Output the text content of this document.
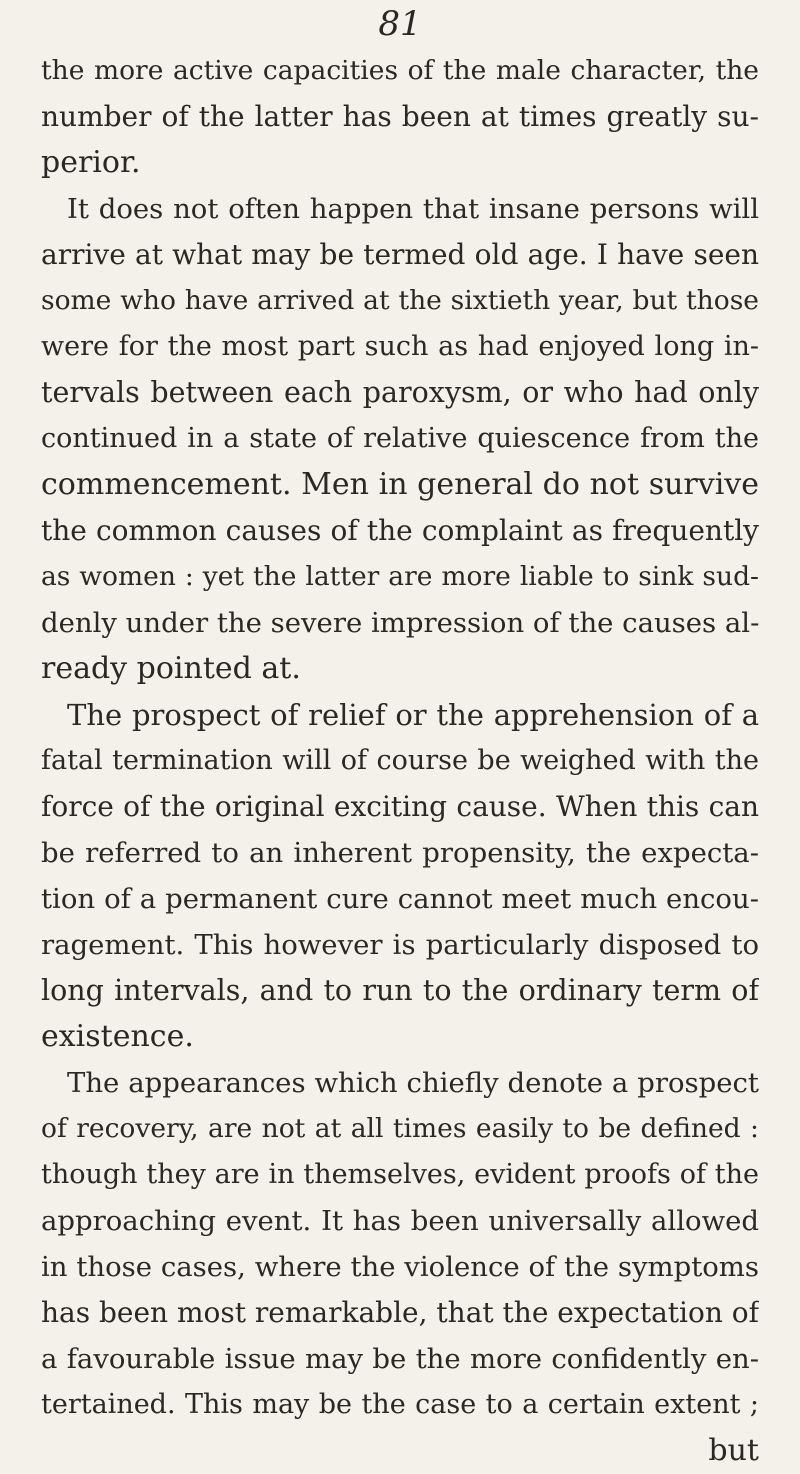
81
the more active capacities of the male character, the
number of the latter has been at times greatly su-
perior.
It does not often happen that insane persons will
arrive at what may be termed old age. I have seen
some who have arrived at the sixtieth year, but those
were for the most part such as had enjoyed long in-
tervals between each paroxysm, or who had only
continued in a state of relative quiescence from the
commencement. Men in general do not survive
the common causes of the complaint as frequently
as women : yet the latter are more liable to sink sud-
denly under the severe impression of the causes al-
ready pointed at.
The prospect of relief or the apprehension of a
fatal termination will of course be weighed with the
force of the original exciting cause. When this can
be referred to an inherent propensity, the expecta-
tion of a permanent cure cannot meet much encou-
ragement. This however is particularly disposed to
long intervals, and to run to the ordinary term of
existence.
The appearances which chiefly denote a prospect
of recovery, are not at all times easily to be defined :
though they are in themselves, evident proofs of the
approaching event. It has been universally allowed
in those cases, where the violence of the symptoms
has been most remarkable, that the expectation of
a favourable issue may be the more confidently en-
tertained. This may be the case to a certain extent ;
but
